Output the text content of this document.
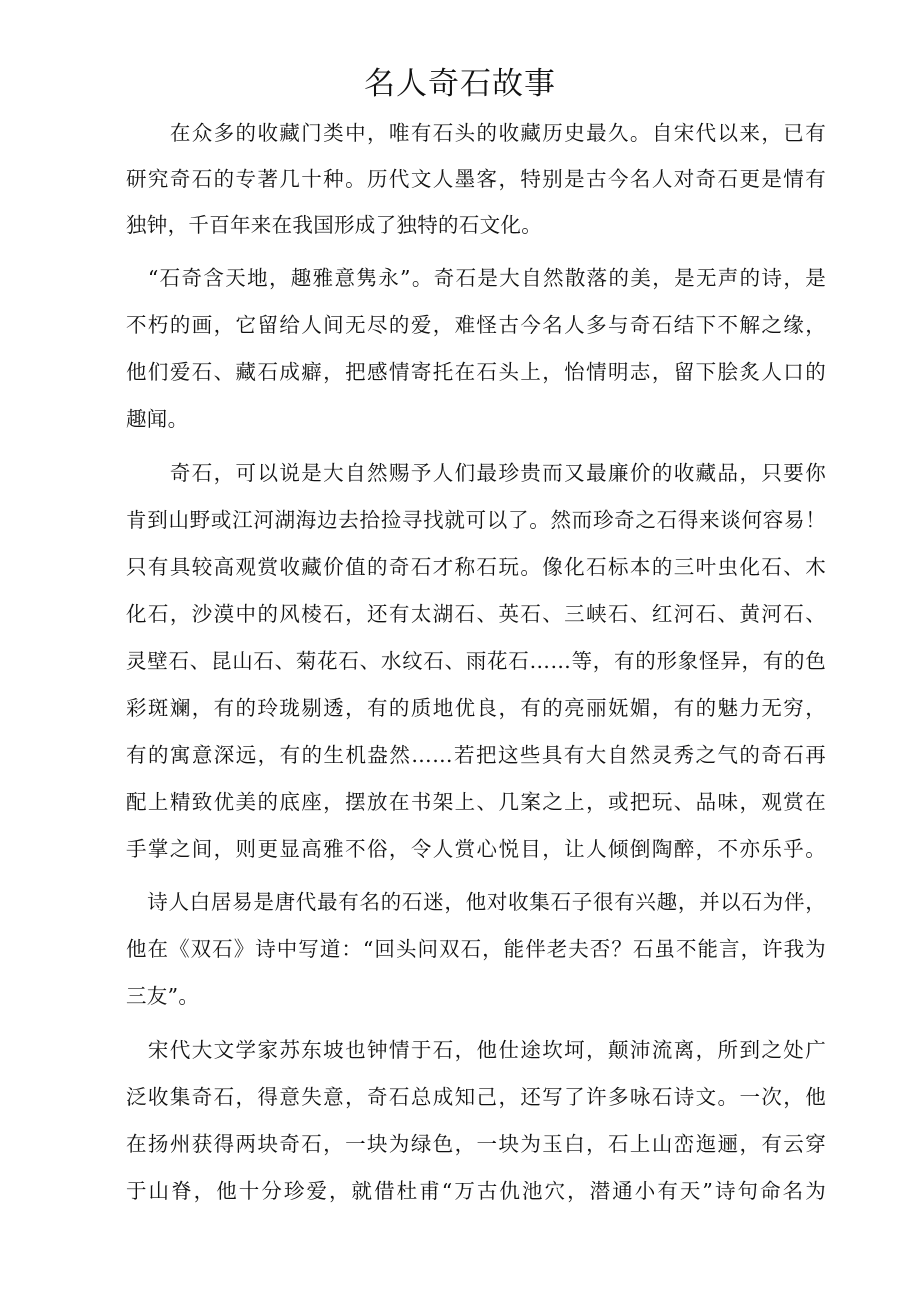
名人奇石故事
　　在众多的收藏门类中，唯有石头的收藏历史最久。自宋代以来，已有
研究奇石的专著几十种。历代文人墨客，特别是古今名人对奇石更是情有
独钟，千百年来在我国形成了独特的石文化。
　“石奇含天地，趣雅意隽永”。奇石是大自然散落的美，是无声的诗，是
不朽的画，它留给人间无尽的爱，难怪古今名人多与奇石结下不解之缘，
他们爱石、藏石成癖，把感情寄托在石头上，怡情明志，留下脍炙人口的
趣闻。
　　奇石，可以说是大自然赐予人们最珍贵而又最廉价的收藏品，只要你
肯到山野或江河湖海边去拾捡寻找就可以了。然而珍奇之石得来谈何容易！
只有具较高观赏收藏价值的奇石才称石玩。像化石标本的三叶虫化石、木
化石，沙漠中的风棱石，还有太湖石、英石、三峡石、红河石、黄河石、
灵壁石、昆山石、菊花石、水纹石、雨花石……等，有的形象怪异，有的色
彩斑斓，有的玲珑剔透，有的质地优良，有的亮丽妩媚，有的魅力无穷，
有的寓意深远，有的生机盎然……若把这些具有大自然灵秀之气的奇石再
配上精致优美的底座，摆放在书架上、几案之上，或把玩、品味，观赏在
手掌之间，则更显高雅不俗，令人赏心悦目，让人倾倒陶醉，不亦乐乎。
　诗人白居易是唐代最有名的石迷，他对收集石子很有兴趣，并以石为伴，
他在《双石》诗中写道：“回头问双石，能伴老夫否？石虽不能言，许我为
三友”。
　宋代大文学家苏东坡也钟情于石，他仕途坎坷，颠沛流离，所到之处广
泛收集奇石，得意失意，奇石总成知己，还写了许多咏石诗文。一次，他
在扬州获得两块奇石，一块为绿色，一块为玉白，石上山峦迤逦，有云穿
于山脊，他十分珍爱，就借杜甫“万古仇池穴，潜通小有天”诗句命名为
